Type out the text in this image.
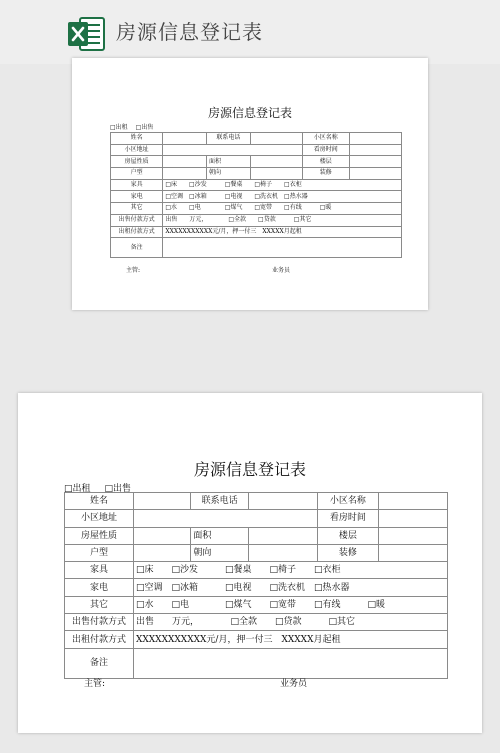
房源信息登记表
房源信息登记表
□出租 □出售
姓名		联系电话		小区名称	
小区地址				看房时间	
房屋性质		面积		楼层	
户型		朝向		装修	
家具	□床　　□沙发　　　□餐桌　　□椅子　　□衣柜				
家电	□空调　□冰箱　　　□电视　　□洗衣机　□热水器				
其它	□水　　□电　　　　□煤气　　□宽带　　□有线　　　□暖				
出售付款方式	出售　　万元，　　　　□全款　　□贷款　　　□其它				
出租付款方式	XXXXXXXXXXX元/月，押一付三　XXXXX月起租				
备注					
主管:	业务员
房源信息登记表
□出租 □出售
姓名		联系电话		小区名称	
小区地址				看房时间	
房屋性质		面积		楼层	
户型		朝向		装修	
家具	□床　　□沙发　　　□餐桌　　□椅子　　□衣柜				
家电	□空调　□冰箱　　　□电视　　□洗衣机　□热水器				
其它	□水　　□电　　　　□煤气　　□宽带　　□有线　　　□暖				
出售付款方式	出售　　万元，　　　　□全款　　□贷款　　　□其它				
出租付款方式	XXXXXXXXXXX元/月，押一付三　XXXXX月起租				
备注					
主管:	业务员
